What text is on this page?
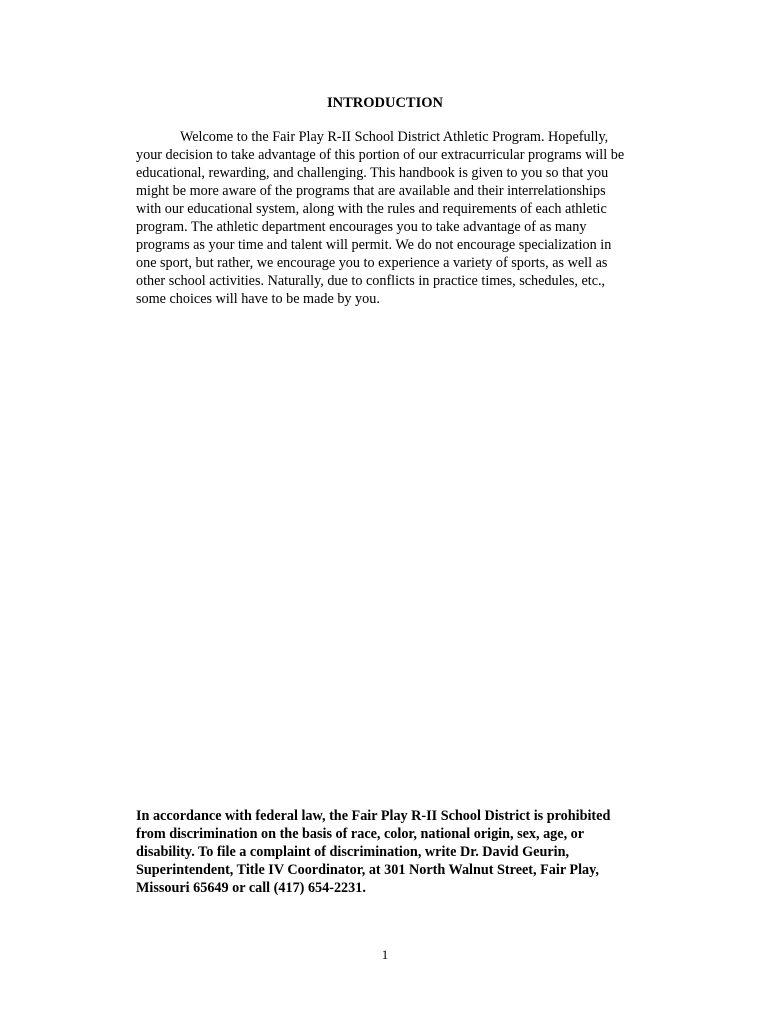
INTRODUCTION

Welcome to the Fair Play R-II School District Athletic Program. Hopefully,
your decision to take advantage of this portion of our extracurricular programs will be
educational, rewarding, and challenging. This handbook is given to you so that you
might be more aware of the programs that are available and their interrelationships
with our educational system, along with the rules and requirements of each athletic
program. The athletic department encourages you to take advantage of as many
programs as your time and talent will permit. We do not encourage specialization in
one sport, but rather, we encourage you to experience a variety of sports, as well as
other school activities. Naturally, due to conflicts in practice times, schedules, etc.,
some choices will have to be made by you.

In accordance with federal law, the Fair Play R-II School District is prohibited
from discrimination on the basis of race, color, national origin, sex, age, or
disability. To file a complaint of discrimination, write Dr. David Geurin,
Superintendent, Title IV Coordinator, at 301 North Walnut Street, Fair Play,
Missouri 65649 or call (417) 654-2231.

1
